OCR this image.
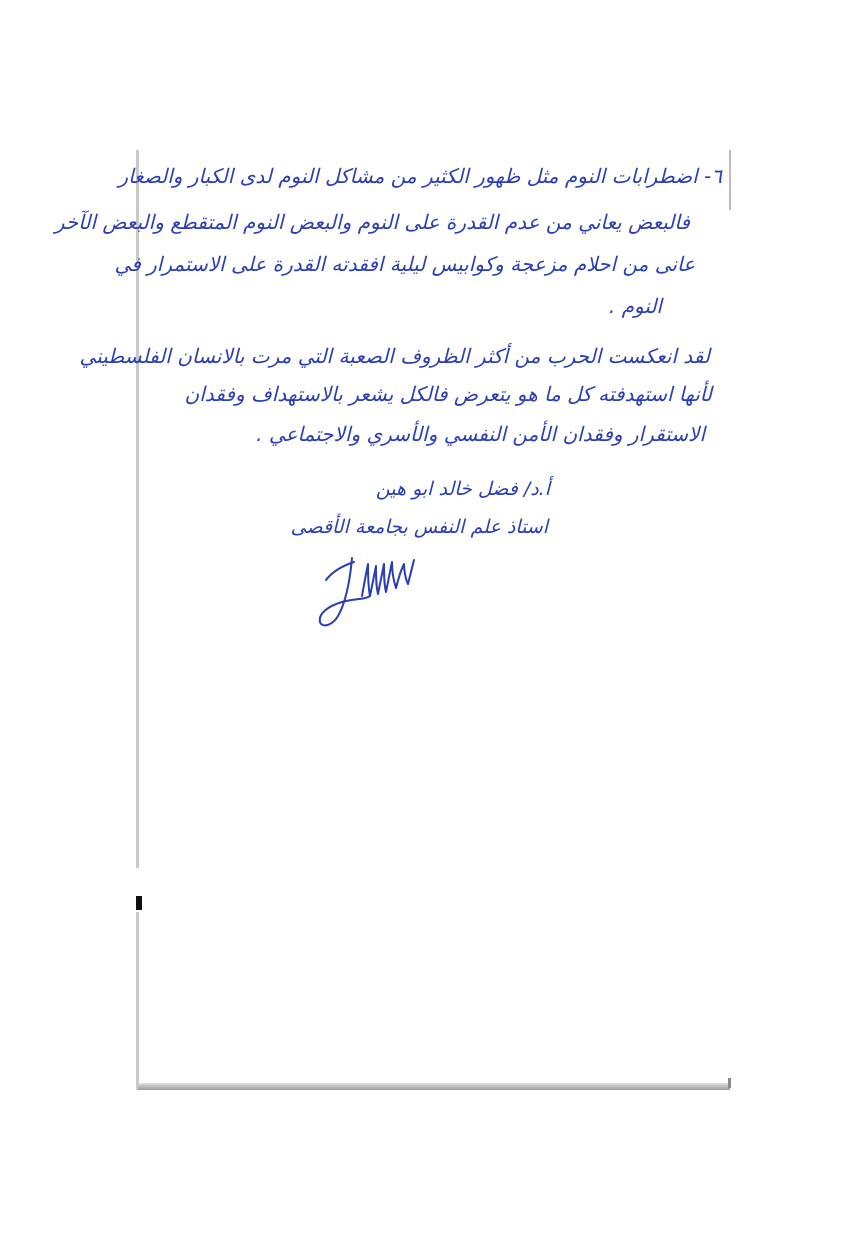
٦- اضطرابات النوم مثل ظهور الكثير من مشاكل النوم لدى الكبار والصغار
فالبعض يعاني من عدم القدرة على النوم والبعض النوم المتقطع والبعض الآخر
عانى من احلام مزعجة وكوابيس ليلية افقدته القدرة على الاستمرار في
النوم .
لقد انعكست الحرب من أكثر الظروف الصعبة التي مرت بالانسان الفلسطيني
لأنها استهدفته كل ما هو يتعرض فالكل يشعر بالاستهداف وفقدان
الاستقرار وفقدان الأمن النفسي والأسري والاجتماعي .
أ.د/ فضل خالد ابو هين
استاذ علم النفس بجامعة الأقصى
